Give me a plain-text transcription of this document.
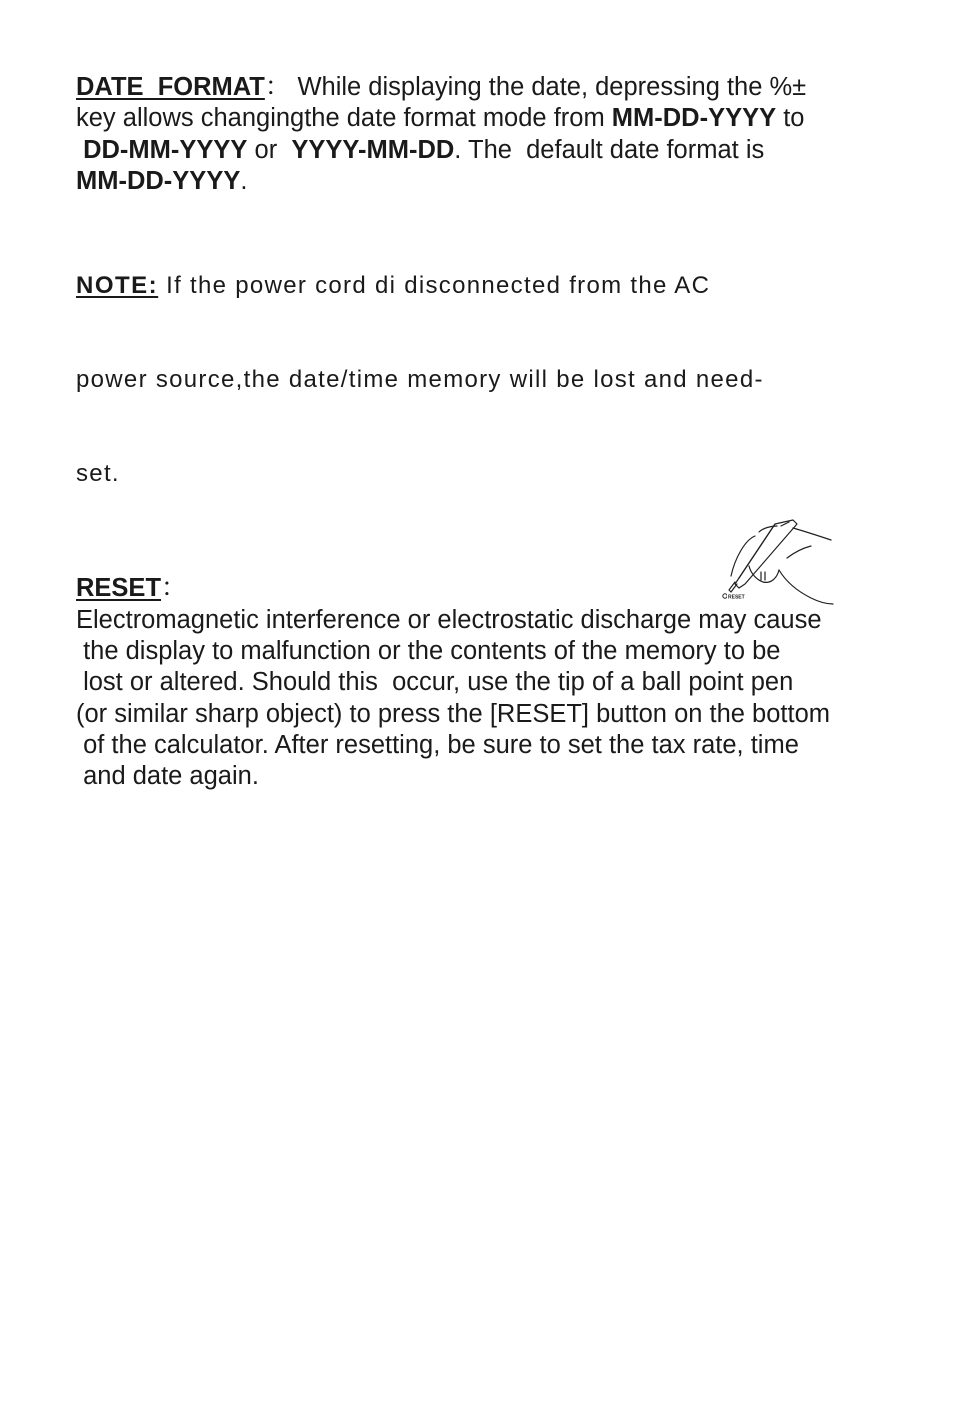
DATE  FORMAT： While displaying the date, depressing the %±
key allows changingthe date format mode from MM-DD-YYYY to
DD-MM-YYYY or  YYYY-MM-DD. The  default date format is
MM-DD-YYYY.

NOTE: If the power cord di disconnected from the AC

power source,the date/time memory will be lost and need-

set.

RESET：
Electromagnetic interference or electrostatic discharge may cause
the display to malfunction or the contents of the memory to be
lost or altered. Should this  occur, use the tip of a ball point pen
(or similar sharp object) to press the [RESET] button on the bottom
of the calculator. After resetting, be sure to set the tax rate, time
and date again.
RESET
